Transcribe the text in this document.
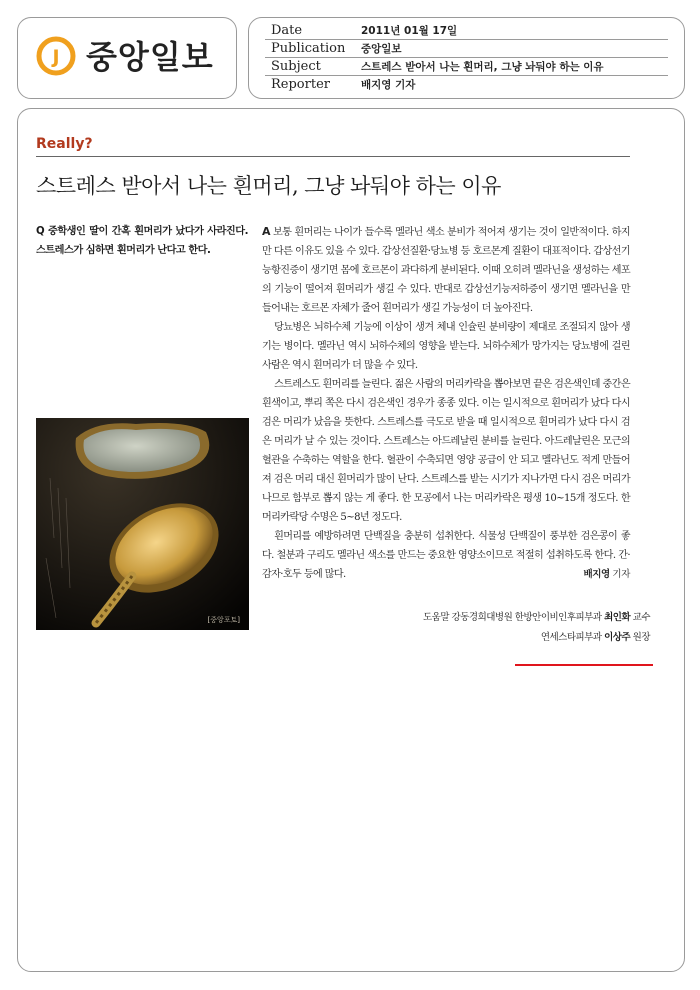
J 중앙일보
Date	2011년 01월 17일
Publication 중앙일보
Subject	스트레스 받아서 나는 흰머리, 그냥 놔둬야 하는 이유
Reporter	배지영 기자
Really?
스트레스 받아서 나는 흰머리, 그냥 놔둬야 하는 이유
Q 중학생인 딸이 간혹 흰머리가 났다가 사라진다. 스트레스가 심하면 흰머리가 난다고 한다.
[중앙포토]

A 보통 흰머리는 나이가 들수록 멜라닌 색소 분비가 적어져 생기는 것이 일반적이다. 하지만 다른 이유도 있을 수 있다. 갑상선질환·당뇨병 등 호르몬계 질환이 대표적이다. 갑상선기능항진증이 생기면 몸에 호르몬이 과다하게 분비된다. 이때 오히려 멜라닌을 생성하는 세포의 기능이 떨어져 흰머리가 생길 수 있다. 반대로 갑상선기능저하증이 생기면 멜라닌을 만들어내는 호르몬 자체가 줄어 흰머리가 생길 가능성이 더 높아진다.

당뇨병은 뇌하수체 기능에 이상이 생겨 체내 인슐린 분비량이 제대로 조절되지 않아 생기는 병이다. 멜라닌 역시 뇌하수체의 영향을 받는다. 뇌하수체가 망가지는 당뇨병에 걸린 사람은 역시 흰머리가 더 많을 수 있다.

스트레스도 흰머리를 늘린다. 젊은 사람의 머리카락을 뽑아보면 끝은 검은색인데 중간은 흰색이고, 뿌리 쪽은 다시 검은색인 경우가 종종 있다. 이는 일시적으로 흰머리가 났다 다시 검은 머리가 났음을 뜻한다. 스트레스를 극도로 받을 때 일시적으로 흰머리가 났다 다시 검은 머리가 날 수 있는 것이다. 스트레스는 아드레날린 분비를 늘린다. 아드레날린은 모근의 혈관을 수축하는 역할을 한다. 혈관이 수축되면 영양 공급이 안 되고 멜라닌도 적게 만들어져 검은 머리 대신 흰머리가 많이 난다. 스트레스를 받는 시기가 지나가면 다시 검은 머리가 나므로 함부로 뽑지 않는 게 좋다. 한 모공에서 나는 머리카락은 평생 10~15개 정도다. 한 머리카락당 수명은 5~8년 정도다.

흰머리를 예방하려면 단백질을 충분히 섭취한다. 식물성 단백질이 풍부한 검은콩이 좋다. 철분과 구리도 멜라닌 색소를 만드는 중요한 영양소이므로 적절히 섭취하도록 한다. 간·감자·호두 등에 많다.	배지영 기자

도움말 강동경희대병원 한방안이비인후피부과 최인화 교수
연세스타피부과 이상주 원장
